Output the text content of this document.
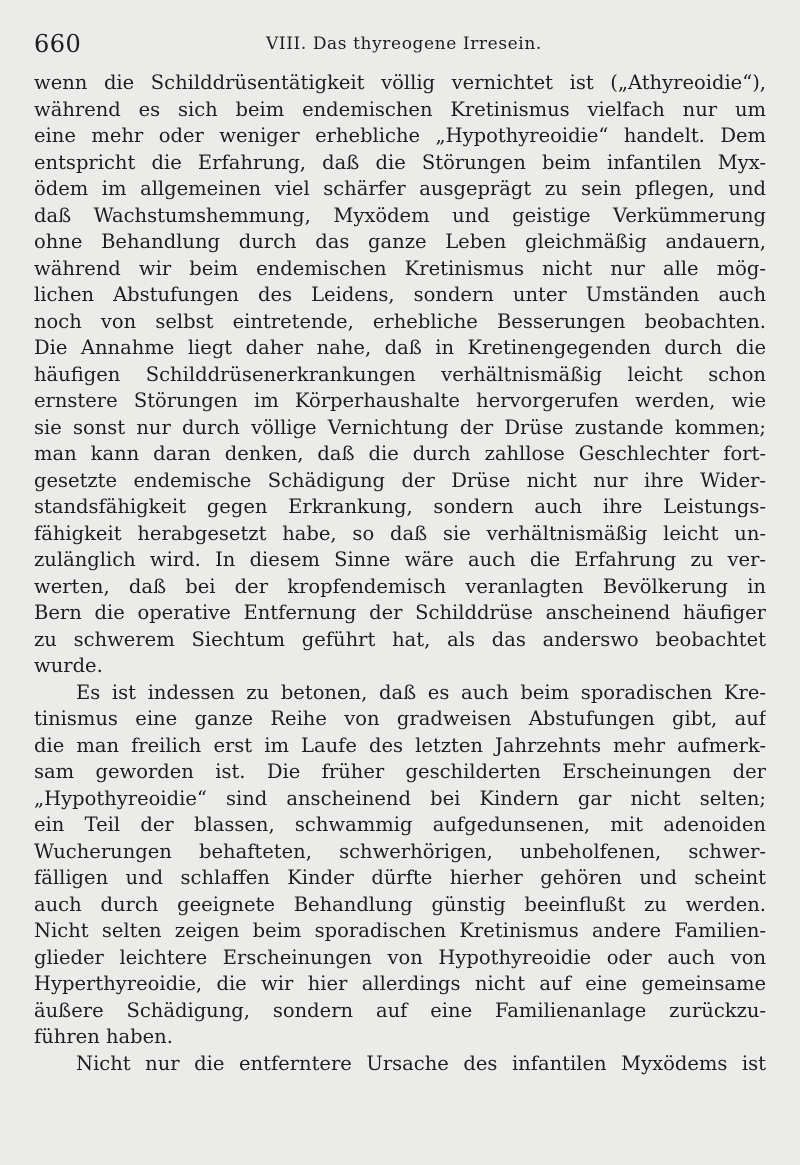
660	VIII. Das thyreogene Irresein.
wenn die Schilddrüsentätigkeit völlig vernichtet ist („Athyreoidie“),
während es sich beim endemischen Kretinismus vielfach nur um
eine mehr oder weniger erhebliche „Hypothyreoidie“ handelt. Dem
entspricht die Erfahrung, daß die Störungen beim infantilen Myx-
ödem im allgemeinen viel schärfer ausgeprägt zu sein pflegen, und
daß Wachstumshemmung, Myxödem und geistige Verkümmerung
ohne Behandlung durch das ganze Leben gleichmäßig andauern,
während wir beim endemischen Kretinismus nicht nur alle mög-
lichen Abstufungen des Leidens, sondern unter Umständen auch
noch von selbst eintretende, erhebliche Besserungen beobachten.
Die Annahme liegt daher nahe, daß in Kretinengegenden durch die
häufigen Schilddrüsenerkrankungen verhältnismäßig leicht schon
ernstere Störungen im Körperhaushalte hervorgerufen werden, wie
sie sonst nur durch völlige Vernichtung der Drüse zustande kommen;
man kann daran denken, daß die durch zahllose Geschlechter fort-
gesetzte endemische Schädigung der Drüse nicht nur ihre Wider-
standsfähigkeit gegen Erkrankung, sondern auch ihre Leistungs-
fähigkeit herabgesetzt habe, so daß sie verhältnismäßig leicht un-
zulänglich wird. In diesem Sinne wäre auch die Erfahrung zu ver-
werten, daß bei der kropfendemisch veranlagten Bevölkerung in
Bern die operative Entfernung der Schilddrüse anscheinend häufiger
zu schwerem Siechtum geführt hat, als das anderswo beobachtet
wurde.
Es ist indessen zu betonen, daß es auch beim sporadischen Kre-
tinismus eine ganze Reihe von gradweisen Abstufungen gibt, auf
die man freilich erst im Laufe des letzten Jahrzehnts mehr aufmerk-
sam geworden ist. Die früher geschilderten Erscheinungen der
„Hypothyreoidie“ sind anscheinend bei Kindern gar nicht selten;
ein Teil der blassen, schwammig aufgedunsenen, mit adenoiden
Wucherungen behafteten, schwerhörigen, unbeholfenen, schwer-
fälligen und schlaffen Kinder dürfte hierher gehören und scheint
auch durch geeignete Behandlung günstig beeinflußt zu werden.
Nicht selten zeigen beim sporadischen Kretinismus andere Familien-
glieder leichtere Erscheinungen von Hypothyreoidie oder auch von
Hyperthyreoidie, die wir hier allerdings nicht auf eine gemeinsame
äußere Schädigung, sondern auf eine Familienanlage zurückzu-
führen haben.
Nicht nur die entferntere Ursache des infantilen Myxödems ist
